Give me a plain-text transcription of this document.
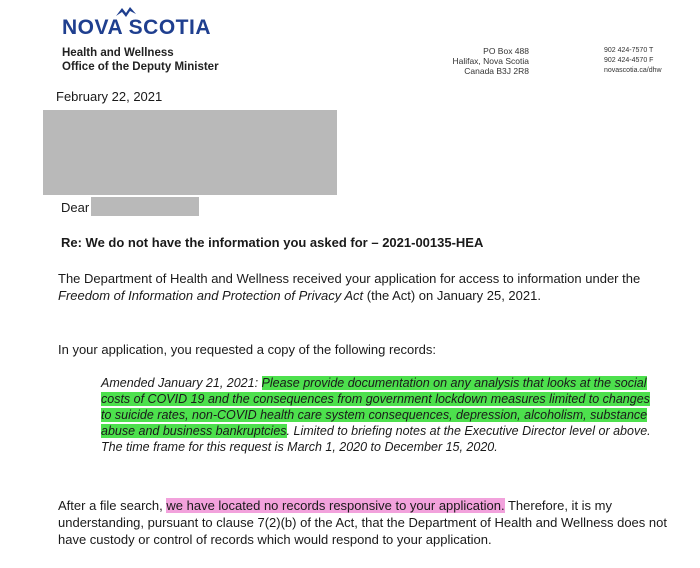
NOVA SCOTIA
Health and Wellness
Office of the Deputy Minister
PO Box 488
Halifax, Nova Scotia
Canada B3J 2R8
902 424-7570 T
902 424-4570 F
novascotia.ca/dhw
February 22, 2021
Dear
Re: We do not have the information you asked for – 2021-00135-HEA
The Department of Health and Wellness received your application for access to information under the Freedom of Information and Protection of Privacy Act (the Act) on January 25, 2021.
In your application, you requested a copy of the following records:
Amended January 21, 2021: Please provide documentation on any analysis that looks at the social costs of COVID 19 and the consequences from government lockdown measures limited to changes to suicide rates, non-COVID health care system consequences, depression, alcoholism, substance abuse and business bankruptcies. Limited to briefing notes at the Executive Director level or above. The time frame for this request is March 1, 2020 to December 15, 2020.
After a file search, we have located no records responsive to your application. Therefore, it is my understanding, pursuant to clause 7(2)(b) of the Act, that the Department of Health and Wellness does not have custody or control of records which would respond to your application.
